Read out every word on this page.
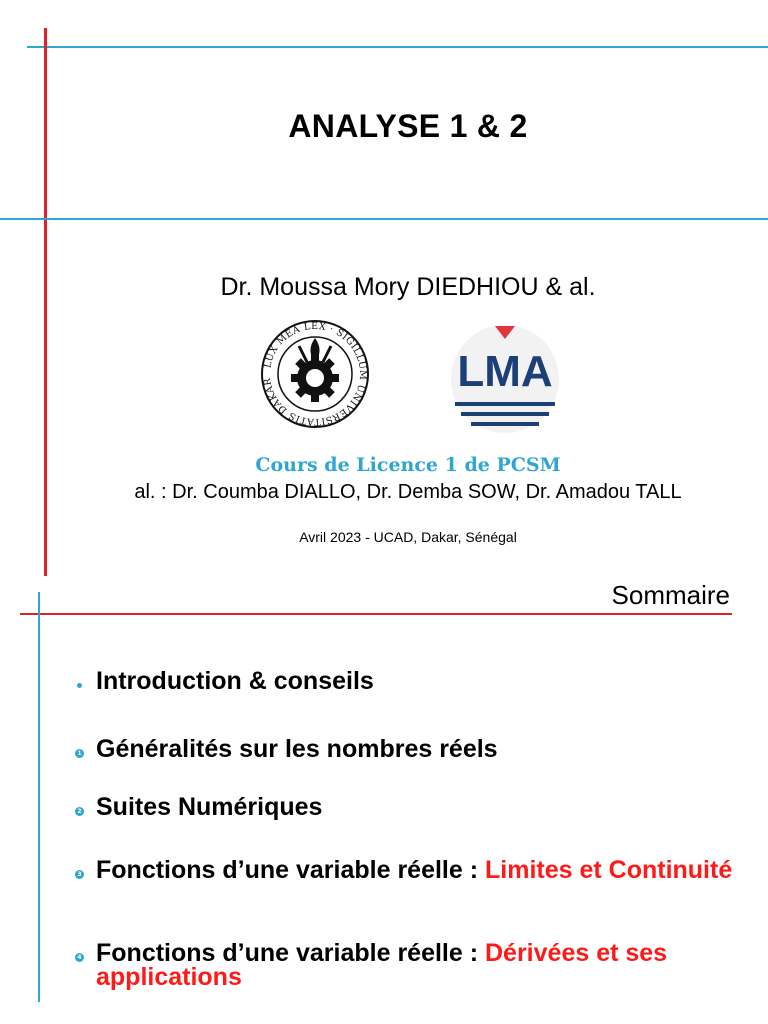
ANALYSE 1 & 2
Dr. Moussa Mory DIEDHIOU & al.
LUX MEA LEX · SIGILLUM UNIVERSITATIS DAKAR	LMA
Cours de Licence 1 de PCSM
al. : Dr. Coumba DIALLO, Dr. Demba SOW, Dr. Amadou TALL
Avril 2023 - UCAD, Dakar, Sénégal
Sommaire
Introduction & conseils
1 Généralités sur les nombres réels
2 Suites Numériques
3 Fonctions d’une variable réelle : Limites et Continuité
4 Fonctions d’une variable réelle : Dérivées et ses applications
